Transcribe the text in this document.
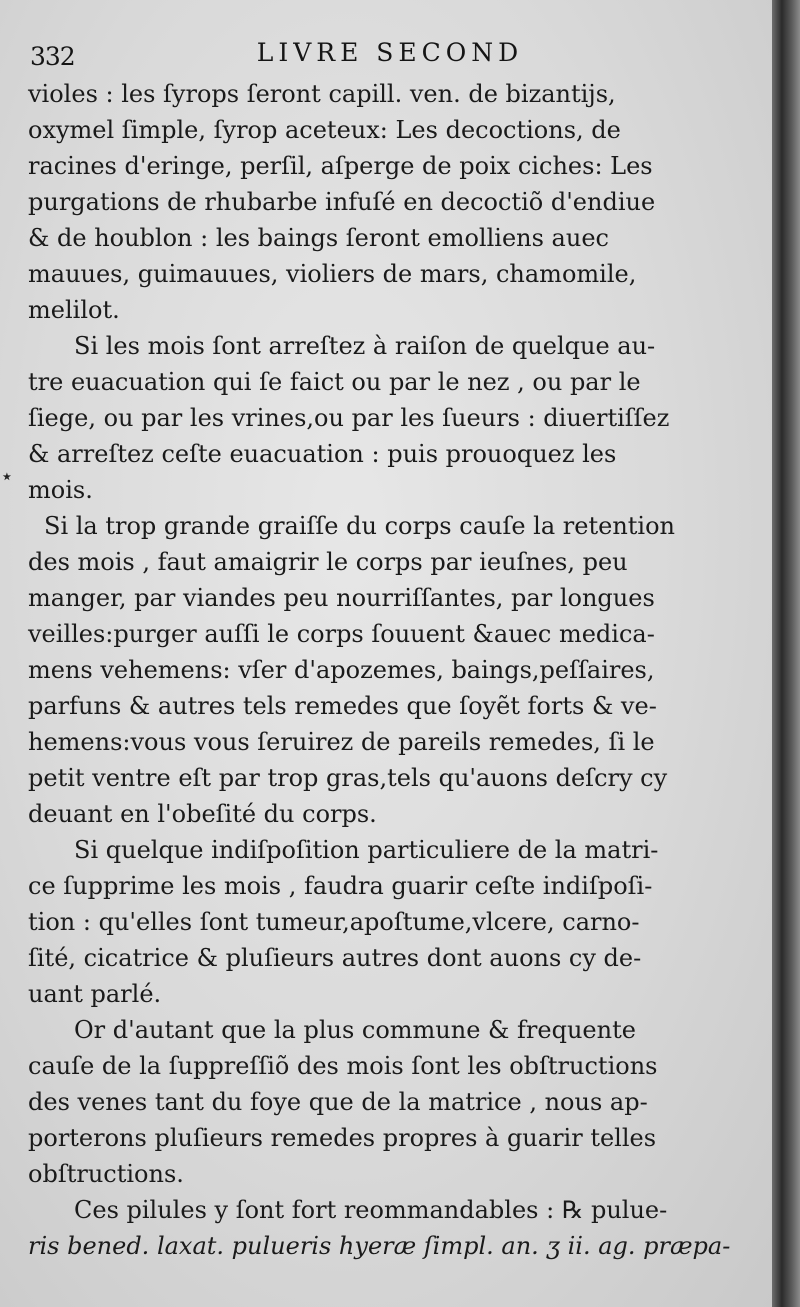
332	LIVRE SECOND
٭
violes : les ſyrops ſeront capill. ven. de bizantijs,
oxymel ſimple, ſyrop aceteux: Les decoctions, de
racines d'eringe, perſil, aſperge de poix ciches: Les
purgations de rhubarbe infuſé en decoctiõ d'endiue
& de houblon : les baings ſeront emolliens auec
mauues, guimauues, violiers de mars, chamomile,
melilot.
Si les mois ſont arreſtez à raiſon de quelque au-
tre euacuation qui ſe faict ou par le nez , ou par le
ſiege, ou par les vrines,ou par les ſueurs : diuertiſſez
& arreſtez ceſte euacuation : puis prouoquez les
mois.
Si la trop grande graiſſe du corps cauſe la retention
des mois , faut amaigrir le corps par ieuſnes, peu
manger, par viandes peu nourriſſantes, par longues
veilles:purger auſſi le corps ſouuent &auec medica-
mens vehemens: vſer d'apozemes, baings,peſſaires,
parfuns & autres tels remedes que ſoyẽt forts & ve-
hemens:vous vous ſeruirez de pareils remedes, ſi le
petit ventre eſt par trop gras,tels qu'auons deſcry cy
deuant en l'obeſité du corps.
Si quelque indiſpoſition particuliere de la matri-
ce ſupprime les mois , faudra guarir ceſte indiſpoſi-
tion : qu'elles ſont tumeur,apoſtume,vlcere, carno-
ſité, cicatrice & pluſieurs autres dont auons cy de-
uant parlé.
Or d'autant que la plus commune & frequente
cauſe de la ſuppreſſiõ des mois ſont les obſtructions
des venes tant du foye que de la matrice , nous ap-
porterons pluſieurs remedes propres à guarir telles
obſtructions.
Ces pilules y ſont fort reommandables : ℞ pulue-
ris bened. laxat. pulueris hyeræ ſimpl. an. ʒ ii. ag. præpa-
